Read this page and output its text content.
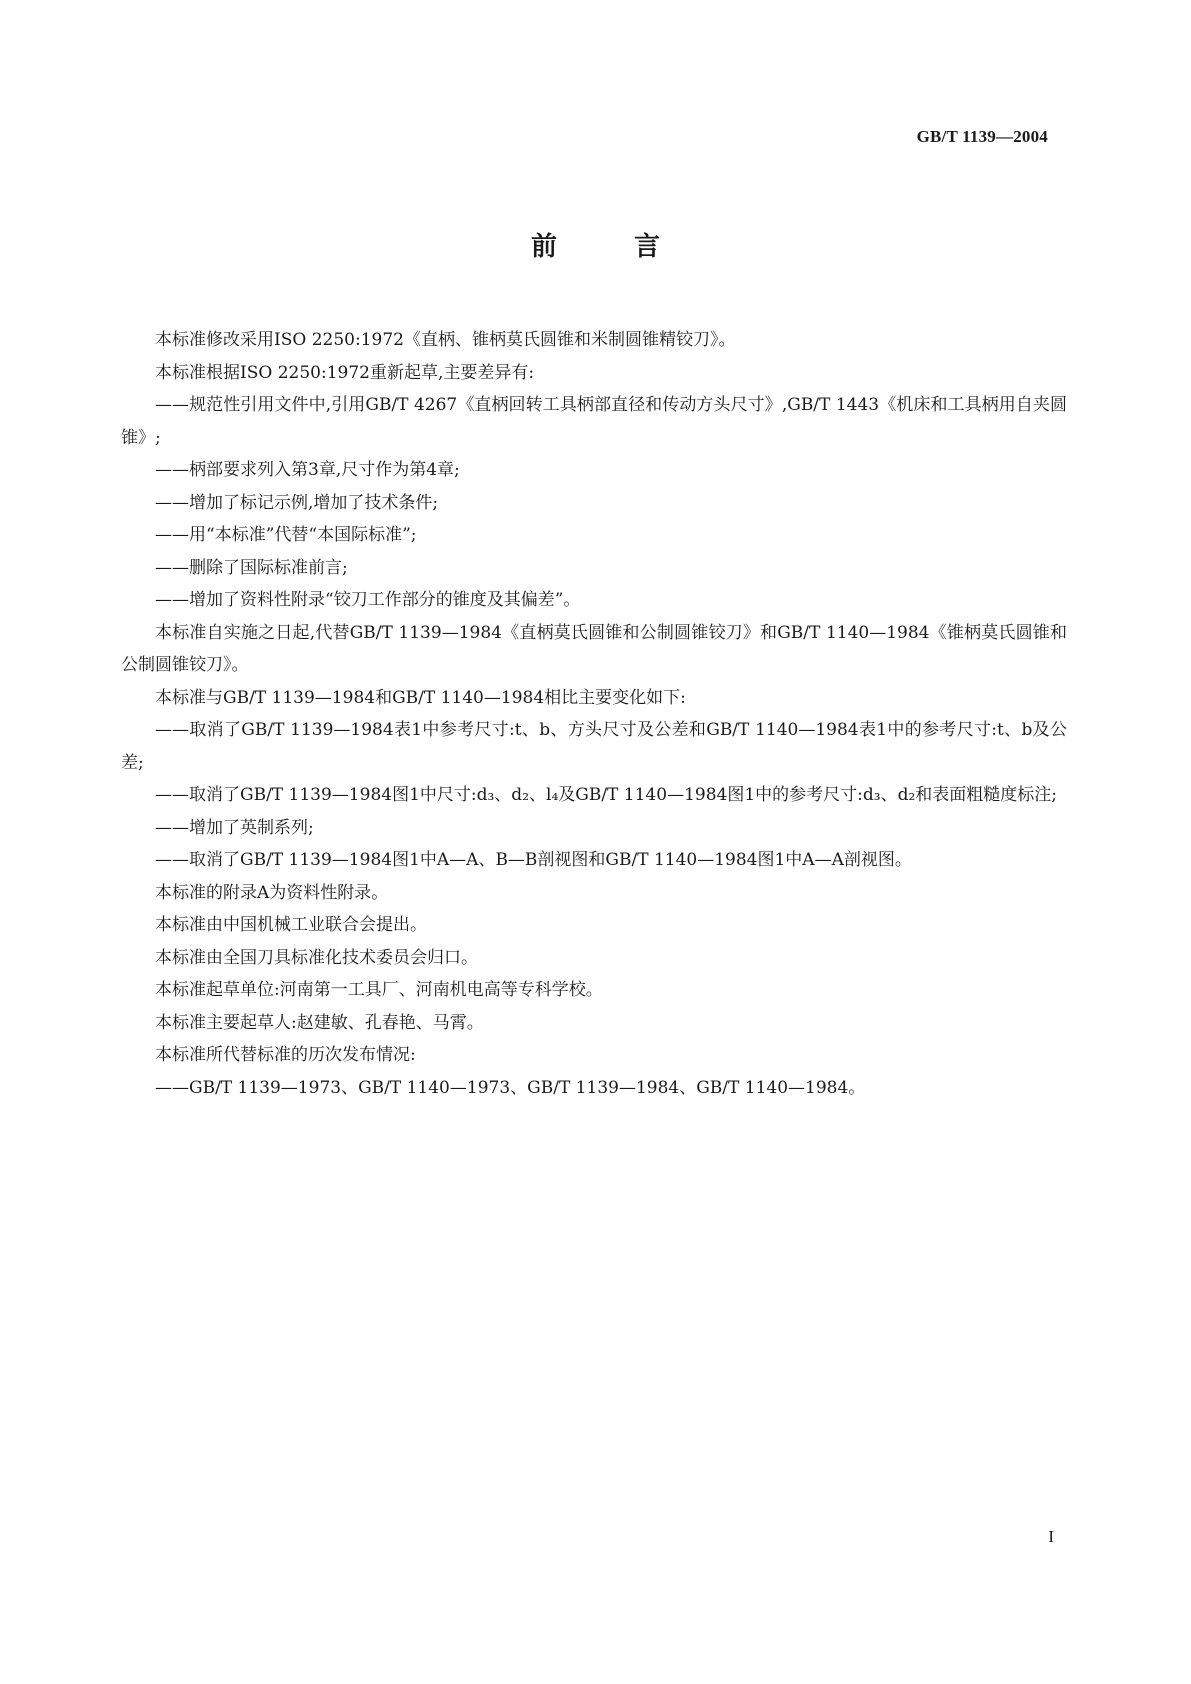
GB/T 1139—2004
前 言

本标准修改采用ISO 2250:1972《直柄、锥柄莫氏圆锥和米制圆锥精铰刀》。

本标准根据ISO 2250:1972重新起草,主要差异有:

——规范性引用文件中,引用GB/T 4267《直柄回转工具柄部直径和传动方头尺寸》,GB/T 1443《机床和工具柄用自夹圆锥》;

——柄部要求列入第3章,尺寸作为第4章;

——增加了标记示例,增加了技术条件;

——用“本标准”代替“本国际标准”;

——删除了国际标准前言;

——增加了资料性附录“铰刀工作部分的锥度及其偏差”。

本标准自实施之日起,代替GB/T 1139—1984《直柄莫氏圆锥和公制圆锥铰刀》和GB/T 1140—1984《锥柄莫氏圆锥和公制圆锥铰刀》。

本标准与GB/T 1139—1984和GB/T 1140—1984相比主要变化如下:

——取消了GB/T 1139—1984表1中参考尺寸:t、b、方头尺寸及公差和GB/T 1140—1984表1中的参考尺寸:t、b及公差;

——取消了GB/T 1139—1984图1中尺寸:d₃、d₂、l₄及GB/T 1140—1984图1中的参考尺寸:d₃、d₂和表面粗糙度标注;

——增加了英制系列;

——取消了GB/T 1139—1984图1中A—A、B—B剖视图和GB/T 1140—1984图1中A—A剖视图。

本标准的附录A为资料性附录。

本标准由中国机械工业联合会提出。

本标准由全国刀具标准化技术委员会归口。

本标准起草单位:河南第一工具厂、河南机电高等专科学校。

本标准主要起草人:赵建敏、孔春艳、马霄。

本标准所代替标准的历次发布情况:

——GB/T 1139—1973、GB/T 1140—1973、GB/T 1139—1984、GB/T 1140—1984。

I
